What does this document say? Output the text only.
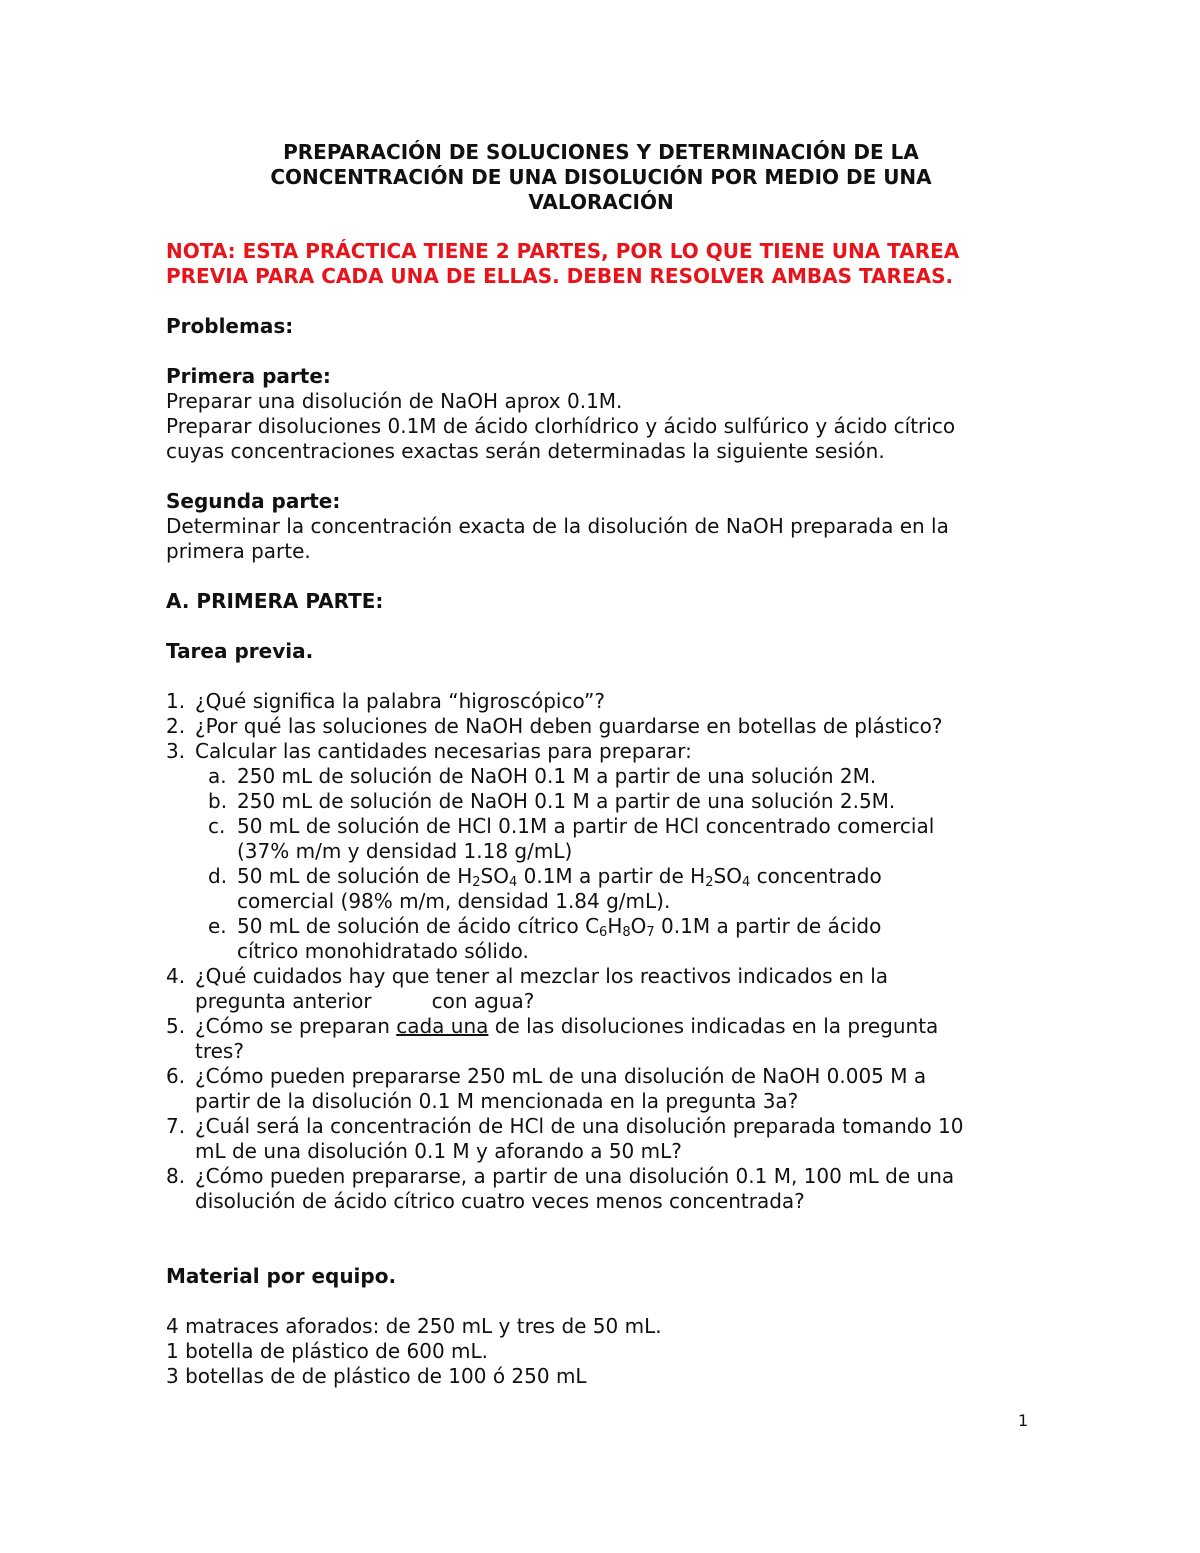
PREPARACIÓN DE SOLUCIONES Y DETERMINACIÓN DE LA
CONCENTRACIÓN DE UNA DISOLUCIÓN POR MEDIO DE UNA
VALORACIÓN
NOTA: ESTA PRÁCTICA TIENE 2 PARTES, POR LO QUE TIENE UNA TAREA
PREVIA PARA CADA UNA DE ELLAS. DEBEN RESOLVER AMBAS TAREAS.
Problemas:
Primera parte:
Preparar una disolución de NaOH aprox 0.1M.
Preparar disoluciones 0.1M de ácido clorhídrico y ácido sulfúrico y ácido cítrico
cuyas concentraciones exactas serán determinadas la siguiente sesión.
Segunda parte:
Determinar la concentración exacta de la disolución de NaOH preparada en la
primera parte.
A. PRIMERA PARTE:
Tarea previa.
1. ¿Qué significa la palabra “higroscópico”?
2. ¿Por qué las soluciones de NaOH deben guardarse en botellas de plástico?
3. Calcular las cantidades necesarias para preparar:
a. 250 mL de solución de NaOH 0.1 M a partir de una solución 2M.
b. 250 mL de solución de NaOH 0.1 M a partir de una solución 2.5M.
c. 50 mL de solución de HCl 0.1M a partir de HCl concentrado comercial
(37% m/m y densidad 1.18 g/mL)
d. 50 mL de solución de $H_2SO_4$ 0.1M a partir de $H_2SO_4$ concentrado
comercial (98% m/m, densidad 1.84 g/mL).
e. 50 mL de solución de ácido cítrico $C_6H_8O_7$ 0.1M a partir de ácido
cítrico monohidratado sólido.
4. ¿Qué cuidados hay que tener al mezclar los reactivos indicados en la
pregunta anterior	con agua?
5. ¿Cómo se preparan cada una de las disoluciones indicadas en la pregunta
tres?
6. ¿Cómo pueden prepararse 250 mL de una disolución de NaOH 0.005 M a
partir de la disolución 0.1 M mencionada en la pregunta 3a?
7. ¿Cuál será la concentración de HCl de una disolución preparada tomando 10
mL de una disolución 0.1 M y aforando a 50 mL?
8. ¿Cómo pueden prepararse, a partir de una disolución 0.1 M, 100 mL de una
disolución de ácido cítrico cuatro veces menos concentrada?
Material por equipo.
4 matraces aforados: de 250 mL y tres de 50 mL.
1 botella de plástico de 600 mL.
3 botellas de de plástico de 100 ó 250 mL
1
